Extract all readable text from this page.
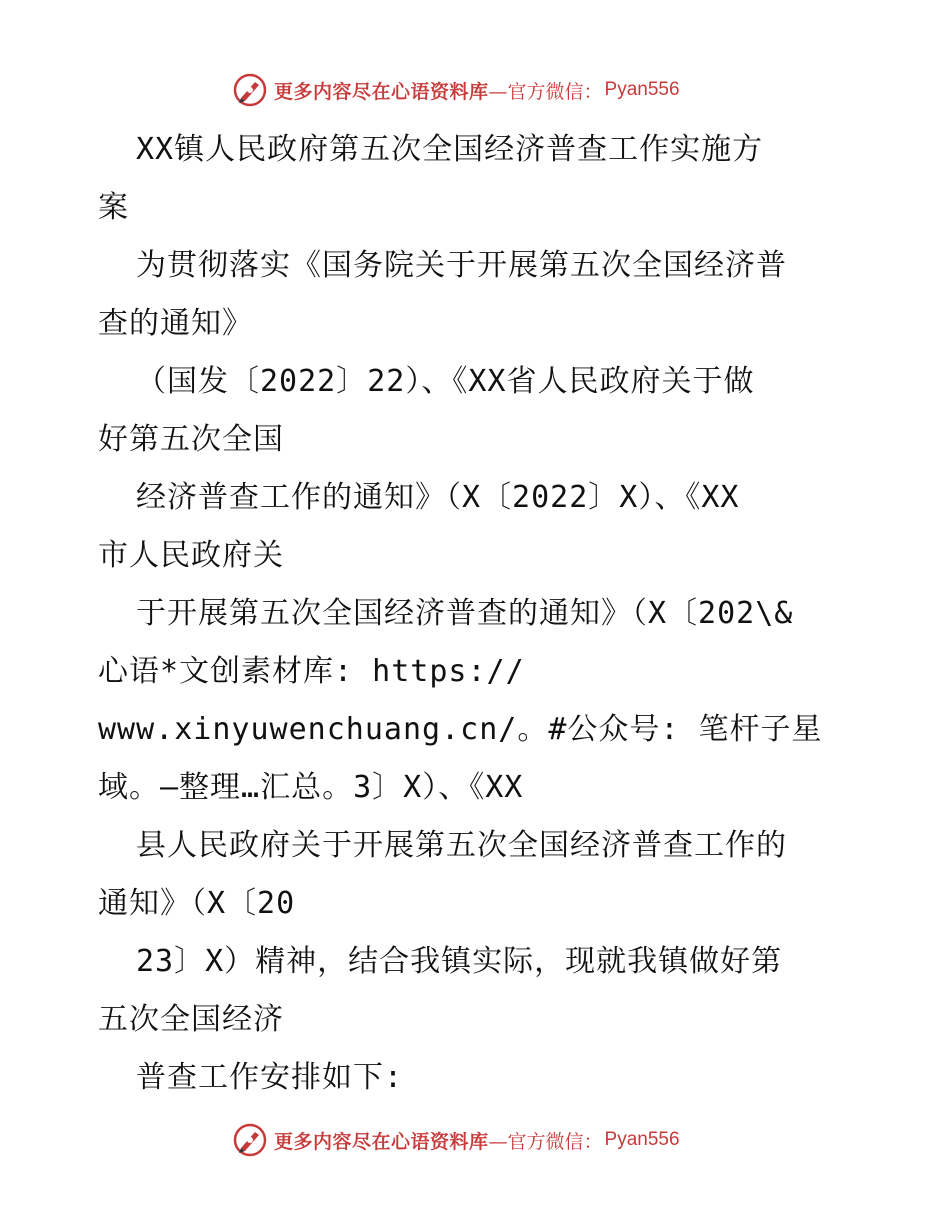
更多内容尽在心语资料库 —官方微信： Pyan556
XX镇人民政府第五次全国经济普查工作实施方
案
为贯彻落实《国务院关于开展第五次全国经济普
查的通知》
（国发〔2022〕22）、《XX省人民政府关于做
好第五次全国
经济普查工作的通知》（X〔2022〕X）、《XX
市人民政府关
于开展第五次全国经济普查的通知》（X〔202\&
心语*文创素材库: https://
www.xinyuwenchuang.cn/。#公众号: 笔杆子星
域。—整理…汇总。3〕X）、《XX
县人民政府关于开展第五次全国经济普查工作的
通知》（X〔20
23〕X）精神，结合我镇实际，现就我镇做好第
五次全国经济
普查工作安排如下:
更多内容尽在心语资料库 —官方微信： Pyan556
